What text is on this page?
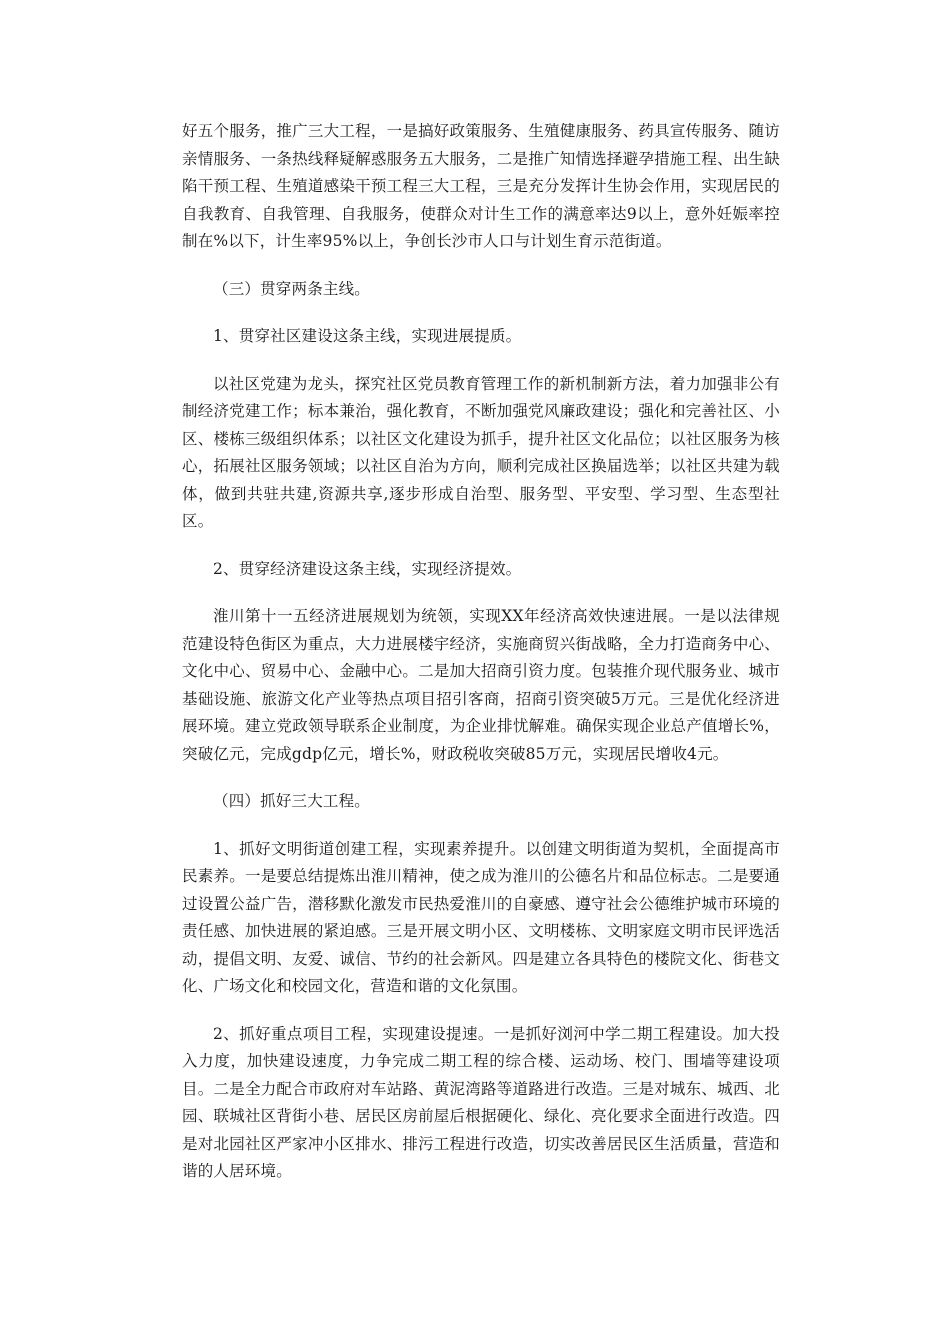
好五个服务，推广三大工程，一是搞好政策服务、生殖健康服务、药具宣传服务、随访亲情服务、一条热线释疑解惑服务五大服务，二是推广知情选择避孕措施工程、出生缺陷干预工程、生殖道感染干预工程三大工程，三是充分发挥计生协会作用，实现居民的自我教育、自我管理、自我服务，使群众对计生工作的满意率达9以上，意外妊娠率控制在%以下，计生率95%以上，争创长沙市人口与计划生育示范街道。

（三）贯穿两条主线。

1、贯穿社区建设这条主线，实现进展提质。

以社区党建为龙头，探究社区党员教育管理工作的新机制新方法，着力加强非公有制经济党建工作；标本兼治，强化教育，不断加强党风廉政建设；强化和完善社区、小区、楼栋三级组织体系；以社区文化建设为抓手，提升社区文化品位；以社区服务为核心，拓展社区服务领域；以社区自治为方向，顺利完成社区换届选举；以社区共建为载体，做到共驻共建,资源共享,逐步形成自治型、服务型、平安型、学习型、生态型社区。

2、贯穿经济建设这条主线，实现经济提效。

淮川第十一五经济进展规划为统领，实现XX年经济高效快速进展。一是以法律规范建设特色街区为重点，大力进展楼宇经济，实施商贸兴街战略，全力打造商务中心、文化中心、贸易中心、金融中心。二是加大招商引资力度。包装推介现代服务业、城市基础设施、旅游文化产业等热点项目招引客商，招商引资突破5万元。三是优化经济进展环境。建立党政领导联系企业制度，为企业排忧解难。确保实现企业总产值增长%，突破亿元，完成gdp亿元，增长%，财政税收突破85万元，实现居民增收4元。

（四）抓好三大工程。

1、抓好文明街道创建工程，实现素养提升。以创建文明街道为契机，全面提高市民素养。一是要总结提炼出淮川精神，使之成为淮川的公德名片和品位标志。二是要通过设置公益广告，潜移默化激发市民热爱淮川的自豪感、遵守社会公德维护城市环境的责任感、加快进展的紧迫感。三是开展文明小区、文明楼栋、文明家庭文明市民评选活动，提倡文明、友爱、诚信、节约的社会新风。四是建立各具特色的楼院文化、街巷文化、广场文化和校园文化，营造和谐的文化氛围。

2、抓好重点项目工程，实现建设提速。一是抓好浏河中学二期工程建设。加大投入力度，加快建设速度，力争完成二期工程的综合楼、运动场、校门、围墙等建设项目。二是全力配合市政府对车站路、黄泥湾路等道路进行改造。三是对城东、城西、北园、联城社区背街小巷、居民区房前屋后根据硬化、绿化、亮化要求全面进行改造。四是对北园社区严家冲小区排水、排污工程进行改造，切实改善居民区生活质量，营造和谐的人居环境。
